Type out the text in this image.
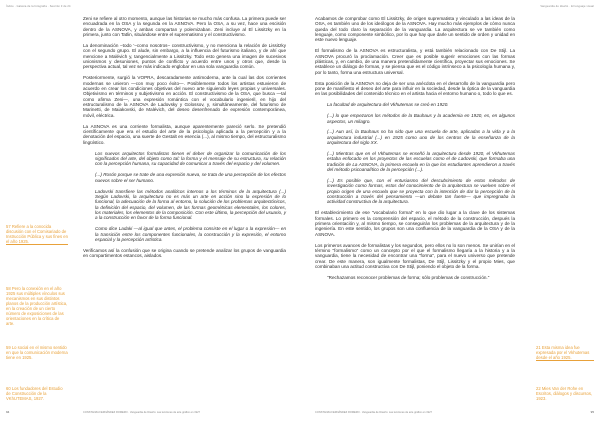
Índice · Galaxia de la fotografía · Sección 3 de 24

Zeni se refiere al otro momento, aunque las historias se mucho más confusa. La primera puede ser encuadrada en la OSA y la segunda en la ASNOVA. Pero la OSA, a su vez, hace una escisión dentro de la ASNOVA, y ambas compartan y polemizaban. Zeni incluye al El Lissitzky en la primera, junto con Tatlin, situándose entre el suprematismo y el constructivismo.

La denominación –todo ‘–como nosotros– constructivismo, y no menciona la relación de Lissitzky con el segundo grupo. El alude, sin embargo, a la influencia del futurismo italiano, y de ahí que mencione a Malévich y, tangencialmente a Lissitzky. Todo esto genera una imagen de sucesivos unionismos y desuniones, puntos de conflicto y acuerdo entre unos y otros que, desde la perspectiva actual, tal vez se más indicado englobar en una sola vanguardia común.

Posteriormente, surgió la VOPRA, descaradamente antimoderna, ante la cual las dos corrientes modernas se unieron —con muy poco éxito—. Posiblemente todos los artistas estuvieron de acuerdo en crear los condiciones objetivas del nuevo arte siguiendo leyes propias y universales. Objetivismo en términos y subjetivismo en acción. El constructivismo de la OSA, que busca —tal como afirma Zeni—, una expresión romántica con el vocabulario ingenieril, en hijo del estructuralismo de la ASNOVA de Ladovsky y Golossov, y, simultáneamente, del futurismo de Marinetti, de Maiakovski, de Malévich, del deseo desenfrenado de expresión contemporánea, móvil, eléctrica.

La ASNOVA es una corriente formalista, aunque aparentemente pareció serlo. Se pretendió científicamente que era el estudio del arte de la psicología aplicada a la percepción y a la denotación del espacio, una suerte de Gestalt en esencia (...), al mismo tiempo, del estructuralismo lingüístico.

Los nuevos arquitectos formalistas tienen el deber de organizar la comunicación de los significados del arte, del objeto como tal: la forma y el mensaje de su estructura, su relación con la percepción humana, su capacidad de comunicar a través del espacio y del volumen.

(...) Rosón porque se trate de una expresión nueva, se trata de una percepción de los efectos nuevos sobre el ser humano.

Ladovski transfiere las métodos analíticos internos a los términos de la arquitectura (...) Según Ladovski, la arquitectura no es más un arte en acción sino la expresión de lo funcional, la adecuación de la forma al entorno, la solución de los problemas arquitectónicos, la definición del espacio, del volumen, de las formas geométricas elementales, los colores, los materiales, los elementos de la composición. Con este último, la percepción del usuario, y a la construcción en favor de la forma funcional.

Como dice Ladaki —al igual que antes, el problema consiste en el lugar o la expresión— en la transición entre los componentes funcionales, la construcción y la expresión, el entorno espacial y la percepción artística.

Verificamos así la confusión que se origina cuando se pretende analizar los grupos de vanguardia en compartimentos estancos, aislados.

57 Refiere a la conocida discusión con el Comisariado de Instrucción Pública y sus fines en el año 1925.
58 Pero la conexión en el año 1925 sus múltiples vínculos sus mecanismos en sus distintos planos de la producción artística, en la creación de un cierto número de exposiciones de las orientaciones en la crítica de arte.
59 Lo social en el mismo sentido en que la comunicación moderna tiene en 1925.
60 Los fundadores del Estudio de Construcción de la VKhUTEMAS, 1927.
94	CONSTANZA FERNÁNDEZ ROMERO · Vanguardia de Diseño: Las lecciones de arte gráfico en 1927
Vanguardia de diseño · El lenguaje visual

Acabamos de comprobar como El Lissitzky, de origen suprematista y vinculado a las ideas de la OSA, es también uno de los ideólogos de la ASNOVA. Hay mucho más ejemplos de cómo nunca queda del todo claro la separación de la vanguardia. La arquitectura se ve también como lenguaje, como componente simbólico, por lo que hay que darle un sentido de orden y unidad en este nuevo lenguaje.

El formalismo de la ASNOVA es estructuralista, y está también relacionado con De Stijl. La ASNOVA procuró la proclamación. Creer que es posible sugerir emociones con las formas plásticas, y, en cambio, de una manera pretendidamente científica, proyectar sus emociones. Se establece un diálogo de formas, y se piensa que es el código intrínseco a la psicología humana y, por lo tanto, forma una estructura universal.

Esta posición de la ASNOVA no deja de ser una anécdota en el desarrollo de la vanguardia pero pone de manifiesto el deseo del arte para influir en la sociedad, desde la óptica de la vanguardia en las posibilidades del contenido técnico en el artista hacia el entorno humano o, todo lo que es.

La facultad de arquitectura del Vkhutemas se creó en 1920.

(...) lo que empezaron los métodos de la Bauhaus y la academia en 1920, es, en algunos aspectos, un milagro.

(...) Aun así, la Bauhaus no ha sido que una escuela de arte, aplicadas a la vida y a la arquitectura industrial (...) en 1925 como uno de los centros de la enseñanza de la arquitectura del siglo XX.

(...) Mientras que en el Vkhutemas se enseñó la arquitectura desde 1920, el Vkhutemas estaba enfocado en los proyectos de las escuelas como el de Ladovski, que formaba una tradición de La ASNOVA, la primera escuela en la que los estudiantes aprendieron a través del método psicoanalítico de la percepción (...).

(...) Es posible que, con el entusiasmo del descubrimiento de estos métodos de investigación como formas, estos del conocimiento de la arquitectura se vuelven sobre el propio origen de una escuela que se proyecta con la intención de dar la percepción de la construcción a través del pensamiento —un debate tan fuerte— que impregnaba la actividad constructiva de la arquitectura.

El establecimiento de ese "vocabulario formal" en lo que dio lugar a la clave de los sistemas formales. Lo primero es la comprensión del espacio, el método de la construcción, después la primera orientación y, al mismo tiempo, se conseguirán los problemas de la arquitectura y de la ingeniería. En este sentido, los grupos son una confluencia de la vanguardia de la OSA y de la ASNOVA.

Los primeros avances de formalistas y los segundos, pero ellos no lo son menos. Se unirían en el término "formalismo" como un concepto por el que el formalismo llegaría a la historia y a la vanguardia, tiene la necesidad de encontrar una "forma", para el nuevo universo que pretende crear. De este manera, son igualmente formalistas, De Stijl, Lissitzky y el propio Mies, que combinaban una actitud constructiva con De Stijl, poniendo el objeto de la forma.

"Rechazamos reconocer problemas de forma; sólo problemas de construcción."

21 Esta misma idea fue expresada por el Vkhutemas desde el año 1925.
22 Mies Van der Rohe en Escritos, diálogos y discursos, 1923.
CONSTANZA FERNÁNDEZ ROMERO · Vanguardia de Diseño: Las lecciones de arte gráfico en 1927	95
